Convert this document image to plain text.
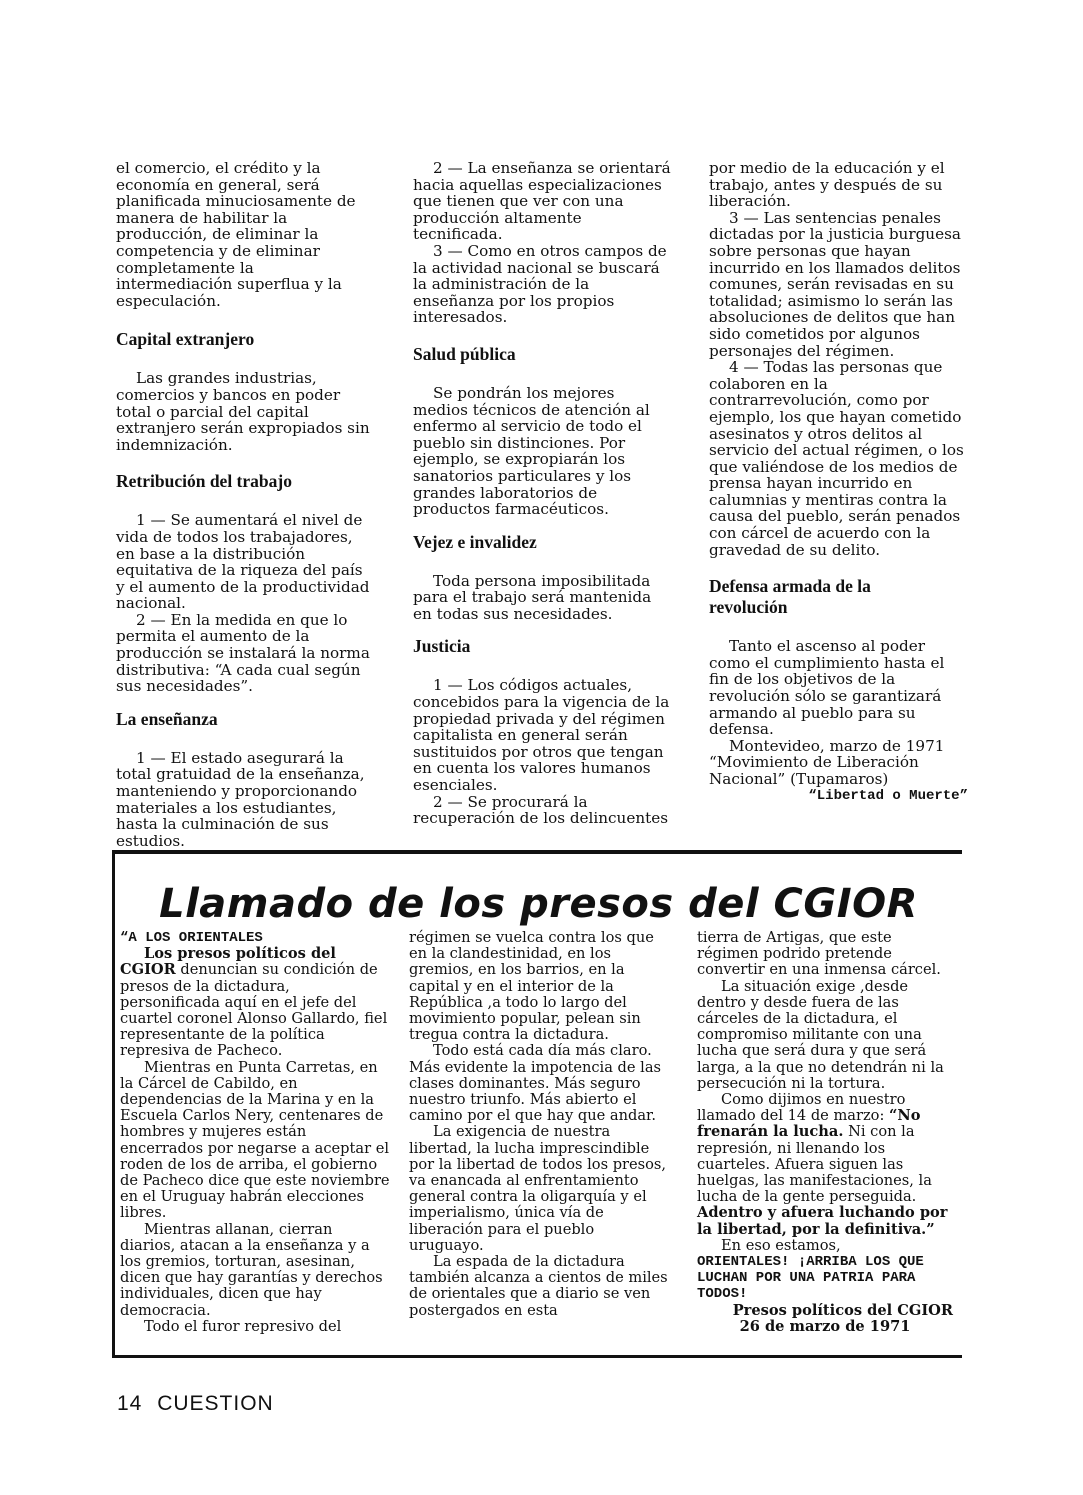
el comercio, el crédito y la economía en general, será planificada minuciosamente de manera de habilitar la producción, de eliminar la competencia y de eliminar completamente la intermediación superflua y la especulación.

Capital extranjero

Las grandes industrias, comercios y bancos en poder total o parcial del capital extranjero serán expropiados sin indemnización.

Retribución del trabajo

1 — Se aumentará el nivel de vida de todos los trabajadores, en base a la distribución equitativa de la riqueza del país y el aumento de la productividad nacional.

2 — En la medida en que lo permita el aumento de la producción se instalará la norma distributiva: “A cada cual según sus necesidades”.

La enseñanza

1 — El estado asegurará la total gratuidad de la enseñanza, manteniendo y proporcionando materiales a los estudiantes, hasta la culminación de sus estudios.

2 — La enseñanza se orientará hacia aquellas especializaciones que tienen que ver con una producción altamente tecnificada.

3 — Como en otros campos de la actividad nacional se buscará la administración de la enseñanza por los propios interesados.

Salud pública

Se pondrán los mejores medios técnicos de atención al enfermo al servicio de todo el pueblo sin distinciones. Por ejemplo, se expropiarán los sanatorios particulares y los grandes laboratorios de productos farmacéuticos.

Vejez e invalidez

Toda persona imposibilitada para el trabajo será mantenida en todas sus necesidades.

Justicia

1 — Los códigos actuales, concebidos para la vigencia de la propiedad privada y del régimen capitalista en general serán sustituidos por otros que tengan en cuenta los valores humanos esenciales.

2 — Se procurará la recuperación de los delincuentes

por medio de la educación y el trabajo, antes y después de su liberación.

3 — Las sentencias penales dictadas por la justicia burguesa sobre personas que hayan incurrido en los llamados delitos comunes, serán revisadas en su totalidad; asimismo lo serán las absoluciones de delitos que han sido cometidos por algunos personajes del régimen.

4 — Todas las personas que colaboren en la contrarrevolución, como por ejemplo, los que hayan cometido asesinatos y otros delitos al servicio del actual régimen, o los que valiéndose de los medios de prensa hayan incurrido en calumnias y mentiras contra la causa del pueblo, serán penados con cárcel de acuerdo con la gravedad de su delito.

Defensa armada de la revolución

Tanto el ascenso al poder como el cumplimiento hasta el fin de los objetivos de la revolución sólo se garantizará armando al pueblo para su defensa.

Montevideo, marzo de 1971

“Movimiento de Liberación Nacional” (Tupamaros)

“Libertad o Muerte”

Llamado de los presos del CGIOR

“A LOS ORIENTALES

Los presos políticos del CGIOR denuncian su condición de presos de la dictadura, personificada aquí en el jefe del cuartel coronel Alonso Gallardo, fiel representante de la política represiva de Pacheco.

Mientras en Punta Carretas, en la Cárcel de Cabildo, en dependencias de la Marina y en la Escuela Carlos Nery, centenares de hombres y mujeres están encerrados por negarse a aceptar el roden de los de arriba, el gobierno de Pacheco dice que este noviembre en el Uruguay habrán elecciones libres.

Mientras allanan, cierran diarios, atacan a la enseñanza y a los gremios, torturan, asesinan, dicen que hay garantías y derechos individuales, dicen que hay democracia.

Todo el furor represivo del

régimen se vuelca contra los que en la clandestinidad, en los gremios, en los barrios, en la capital y en el interior de la República ,a todo lo largo del movimiento popular, pelean sin tregua contra la dictadura.

Todo está cada día más claro. Más evidente la impotencia de las clases dominantes. Más seguro nuestro triunfo. Más abierto el camino por el que hay que andar.

La exigencia de nuestra libertad, la lucha imprescindible por la libertad de todos los presos, va enancada al enfrentamiento general contra la oligarquía y el imperialismo, única vía de liberación para el pueblo uruguayo.

La espada de la dictadura también alcanza a cientos de miles de orientales que a diario se ven postergados en esta

tierra de Artigas, que este régimen podrido pretende convertir en una inmensa cárcel.

La situación exige ,desde dentro y desde fuera de las cárceles de la dictadura, el compromiso militante con una lucha que será dura y que será larga, a la que no detendrán ni la persecución ni la tortura.

Como dijimos en nuestro llamado del 14 de marzo: “No frenarán la lucha. Ni con la represión, ni llenando los cuarteles. Afuera siguen las huelgas, las manifestaciones, la lucha de la gente perseguida. Adentro y afuera luchando por la libertad, por la definitiva.”

En eso estamos,

ORIENTALES! ¡ARRIBA LOS QUE LUCHAN POR UNA PATRIA PARA TODOS!

Presos políticos del CGIOR

26 de marzo de 1971

14 CUESTION
